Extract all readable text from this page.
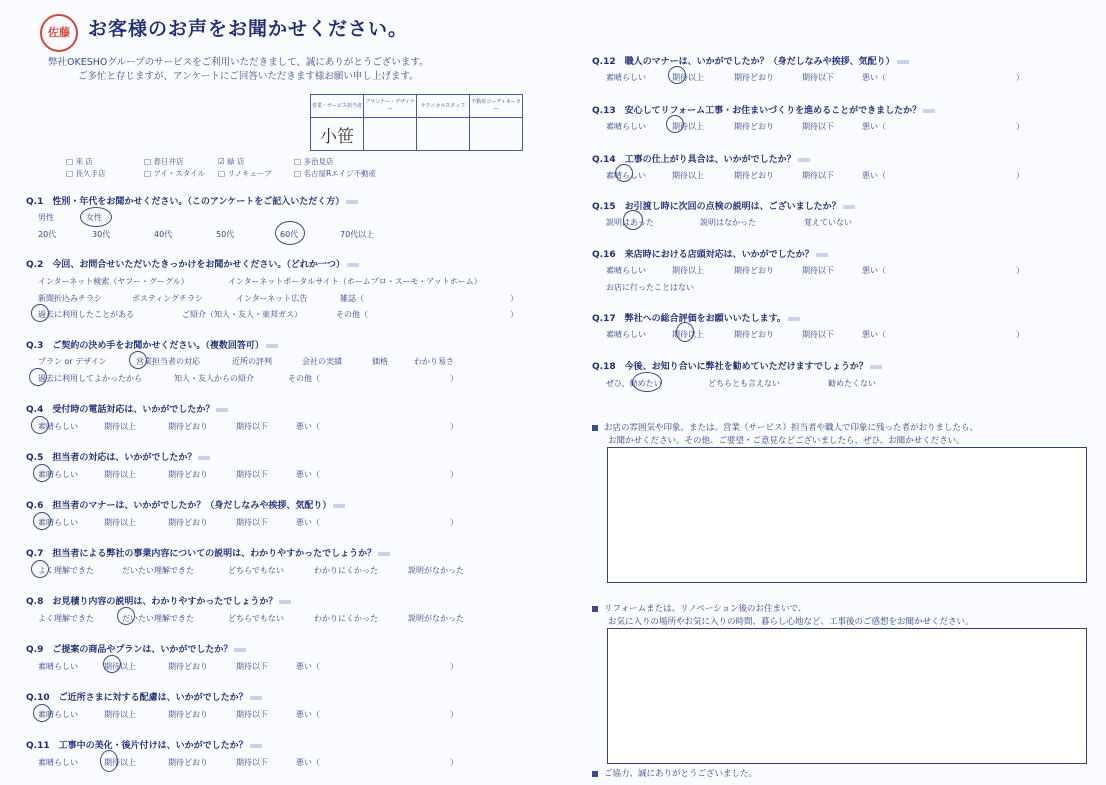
佐藤 お客様のお声をお聞かせください。
弊社OKESHOグループのサービスをご利用いただきまして、誠にありがとうございます。
ご多忙と存じますが、アンケートにご回答いただきます様お願い申し上げます。
営業・サービス担当者	プランナー・デザイナー	テクニカルスタッフ	不動産コーディネーター
小笹			
□ 来 店	□ 春日井店	☑ 緑 店	□ 多治見店
□ 長久手店	□ アイ・スタイル	□ リノキューブ	□ 名古屋Rエイジ不動産
Q.1　性別・年代をお聞かせください。（このアンケートをご記入いただく方）
男性	女性
20代	30代	40代	50代	60代	70代以上
Q.2　今回、お問合せいただいたきっかけをお聞かせください。（どれか一つ）
インターネット検索（ヤフー・グーグル）	インターネットポータルサイト（ホームプロ・スーモ・アットホーム）
新聞折込みチラシ	ポスティングチラシ	インターネット広告	雑誌（	）
過去に利用したことがある	ご紹介（知人・友人・東邦ガス）	その他（	）
Q.3　ご契約の決め手をお聞かせください。（複数回答可）
プラン or デザイン	営業担当者の対応	近所の評判	会社の実績	価格	わかり易さ
過去に利用してよかったから	知人・友人からの紹介	その他（	）
Q.4　受付時の電話対応は、いかがでしたか？
素晴らしい	期待以上	期待どおり	期待以下	悪い（	）
Q.5　担当者の対応は、いかがでしたか？
素晴らしい	期待以上	期待どおり	期待以下	悪い（	）
Q.6　担当者のマナーは、いかがでしたか？（身だしなみや挨拶、気配り）
素晴らしい	期待以上	期待どおり	期待以下	悪い（	）
Q.7　担当者による弊社の事業内容についての説明は、わかりやすかったでしょうか？
よく理解できた	だいたい理解できた	どちらでもない	わかりにくかった	説明がなかった
Q.8　お見積り内容の説明は、わかりやすかったでしょうか？
よく理解できた	だいたい理解できた	どちらでもない	わかりにくかった	説明がなかった
Q.9　ご提案の商品やプランは、いかがでしたか？
素晴らしい	期待以上	期待どおり	期待以下	悪い（	）
Q.10　ご近所さまに対する配慮は、いかがでしたか？
素晴らしい	期待以上	期待どおり	期待以下	悪い（	）
Q.11　工事中の美化・後片付けは、いかがでしたか？
素晴らしい	期待以上	期待どおり	期待以下	悪い（	）
Q.12　職人のマナーは、いかがでしたか？（身だしなみや挨拶、気配り）
素晴らしい	期待以上	期待どおり	期待以下	悪い（	）
Q.13　安心してリフォーム工事・お住まいづくりを進めることができましたか？
素晴らしい	期待以上	期待どおり	期待以下	悪い（	）
Q.14　工事の仕上がり具合は、いかがでしたか？
素晴らしい	期待以上	期待どおり	期待以下	悪い（	）
Q.15　お引渡し時に次回の点検の説明は、ございましたか？
説明はあった	説明はなかった	覚えていない
Q.16　来店時における店頭対応は、いかがでしたか？
素晴らしい	期待以上	期待どおり	期待以下	悪い（	）
お店に行ったことはない
Q.17　弊社への総合評価をお願いいたします。
素晴らしい	期待以上	期待どおり	期待以下	悪い（	）
Q.18　今後、お知り合いに弊社を勧めていただけますでしょうか？
ぜひ、勧めたい	どちらとも言えない	勧めたくない
お店の雰囲気や印象。または、営業（サービス）担当者や職人で印象に残った者がおりましたら、
お聞かせください。その他、ご要望・ご意見などございましたら、ぜひ、お聞かせください。
リフォームまたは、リノベーション後のお住まいで、
お気に入りの場所やお気に入りの時間、暮らし心地など、工事後のご感想をお聞かせください。
ご協力、誠にありがとうございました。
